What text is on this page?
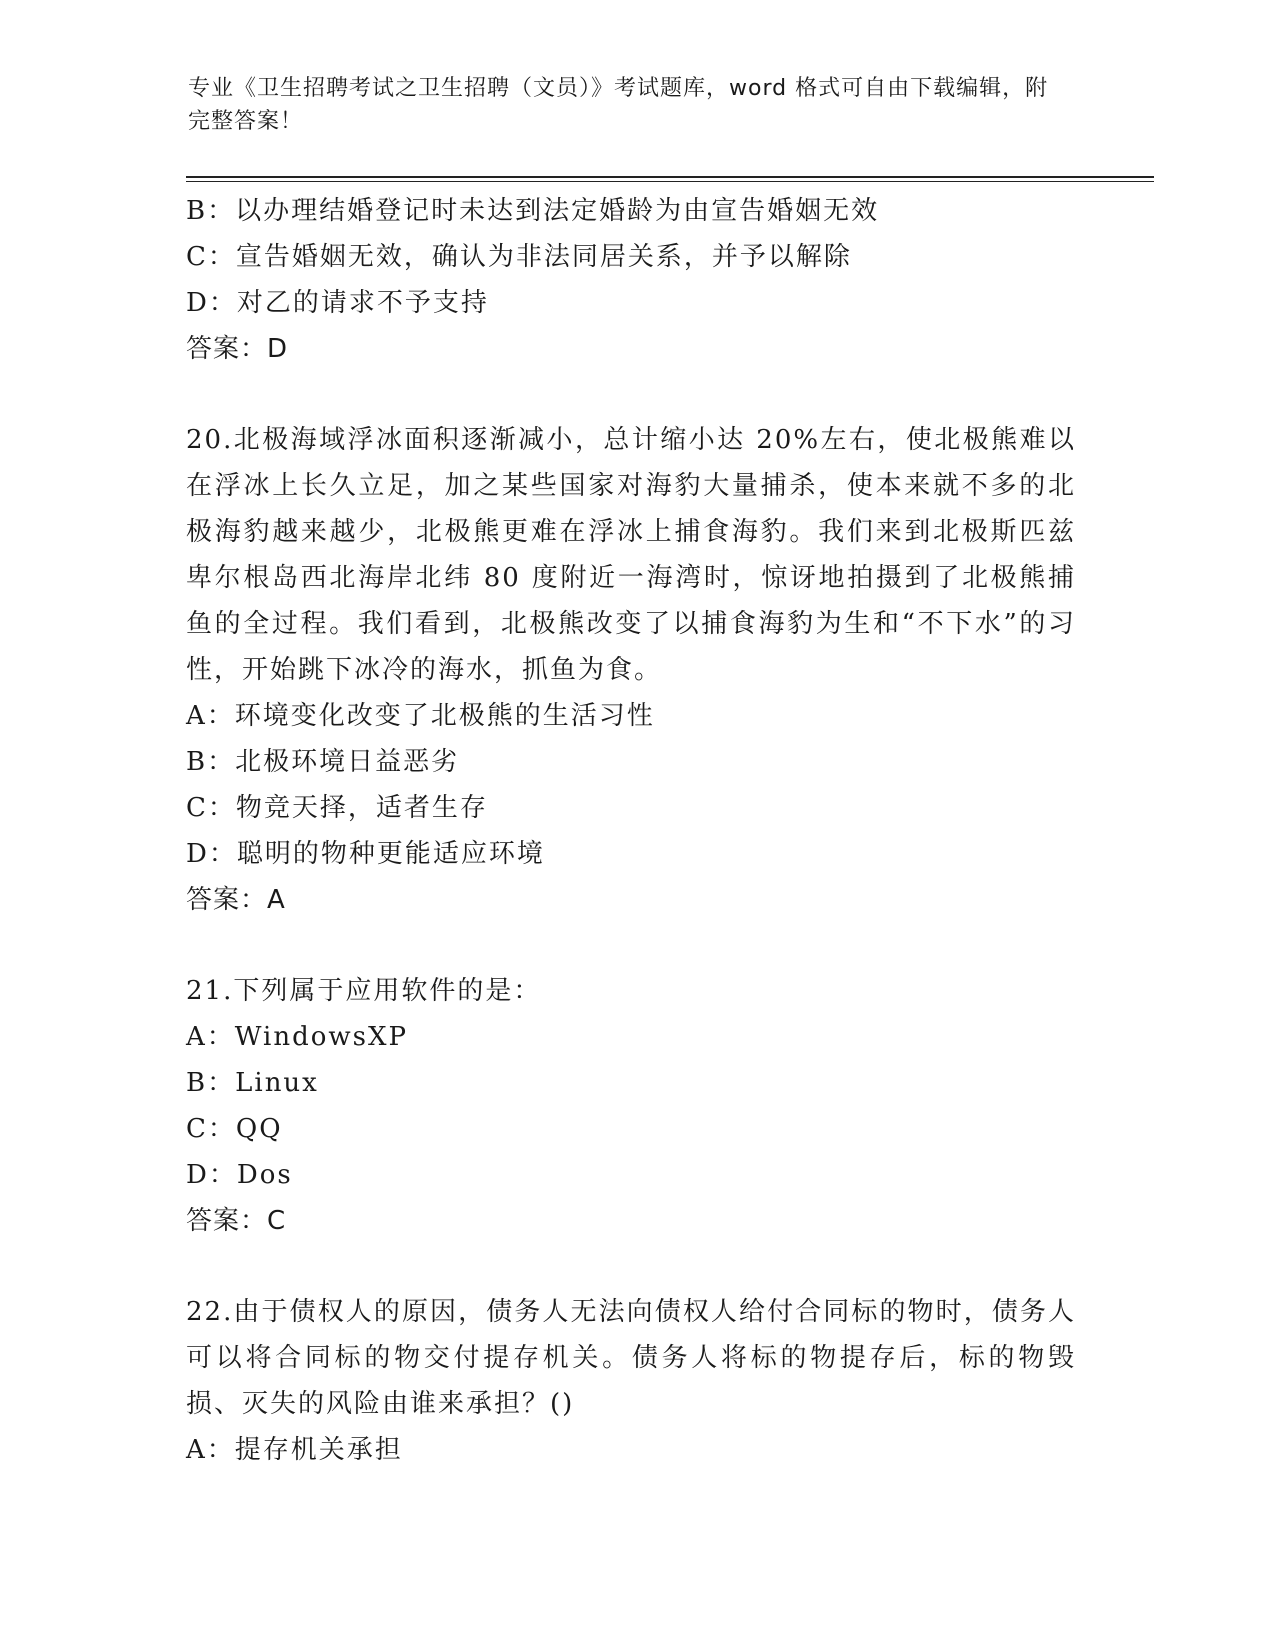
专业《卫生招聘考试之卫生招聘（文员）》考试题库，word 格式可自由下载编辑，附完整答案！
B：以办理结婚登记时未达到法定婚龄为由宣告婚姻无效
C：宣告婚姻无效，确认为非法同居关系，并予以解除
D：对乙的请求不予支持
答案：D
20.北极海域浮冰面积逐渐减小，总计缩小达 20%左右，使北极熊难以在浮冰上长久立足，加之某些国家对海豹大量捕杀，使本来就不多的北极海豹越来越少，北极熊更难在浮冰上捕食海豹。我们来到北极斯匹兹卑尔根岛西北海岸北纬 80 度附近一海湾时，惊讶地拍摄到了北极熊捕鱼的全过程。我们看到，北极熊改变了以捕食海豹为生和“不下水”的习性，开始跳下冰冷的海水，抓鱼为食。
A：环境变化改变了北极熊的生活习性
B：北极环境日益恶劣
C：物竞天择，适者生存
D：聪明的物种更能适应环境
答案：A
21.下列属于应用软件的是：
A：WindowsXP
B：Linux
C：QQ
D：Dos
答案：C
22.由于债权人的原因，债务人无法向债权人给付合同标的物时，债务人可以将合同标的物交付提存机关。债务人将标的物提存后，标的物毁损、灭失的风险由谁来承担？()
A：提存机关承担
